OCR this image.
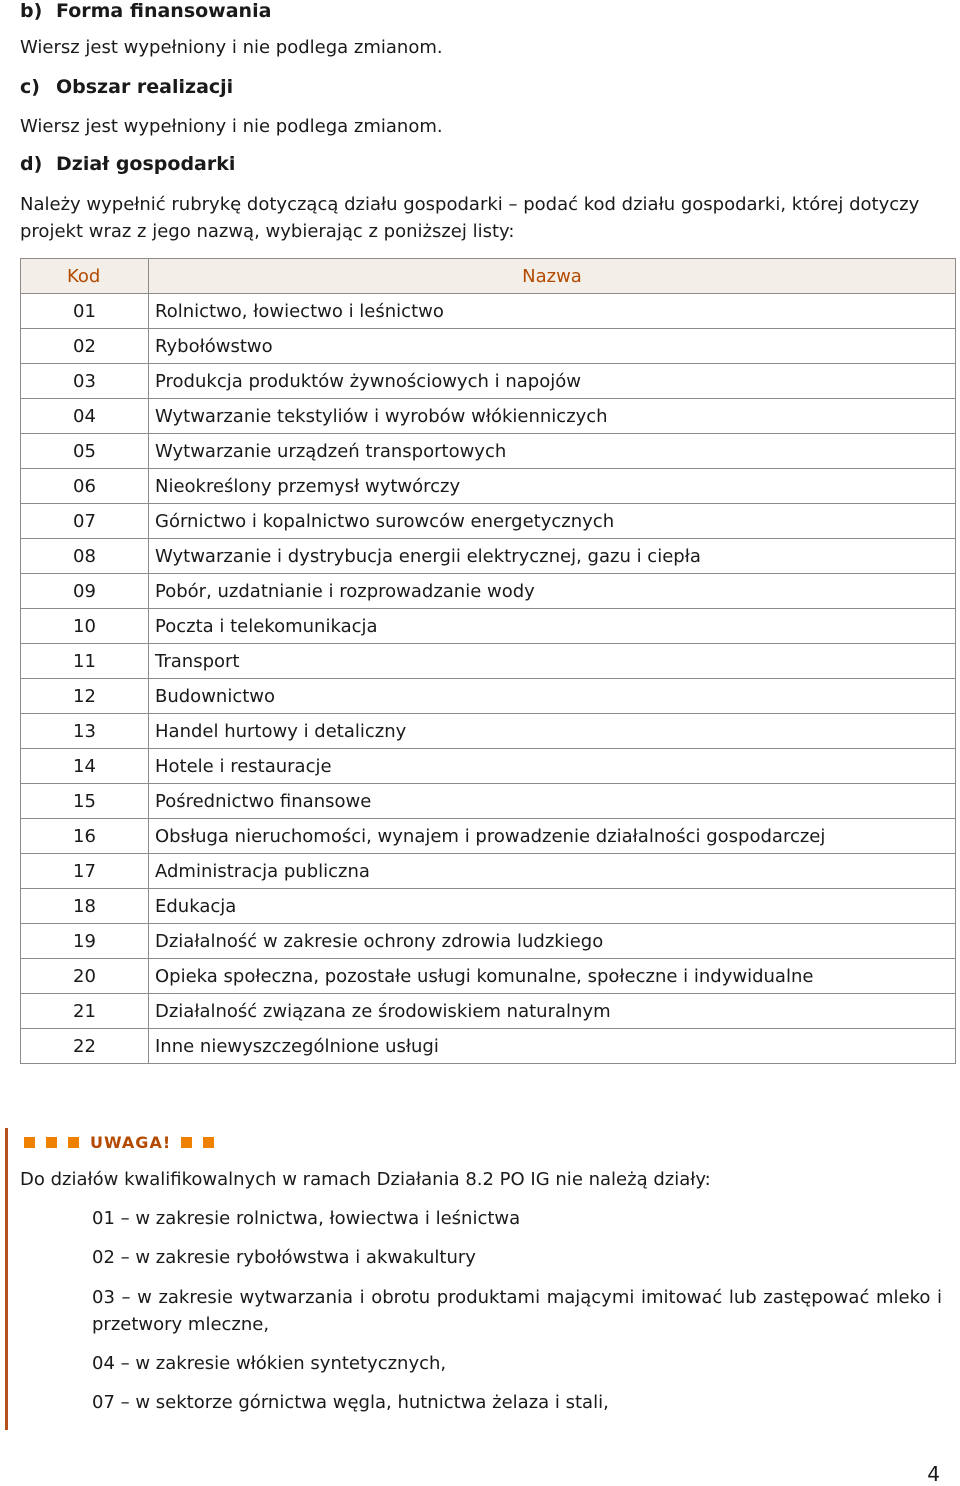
b) Forma finansowania
Wiersz jest wypełniony i nie podlega zmianom.
c) Obszar realizacji
Wiersz jest wypełniony i nie podlega zmianom.
d) Dział gospodarki
Należy wypełnić rubrykę dotyczącą działu gospodarki – podać kod działu gospodarki, której dotyczy
projekt wraz z jego nazwą, wybierając z poniższej listy:
Kod	Nazwa
01	Rolnictwo, łowiectwo i leśnictwo
02	Rybołówstwo
03	Produkcja produktów żywnościowych i napojów
04	Wytwarzanie tekstyliów i wyrobów włókienniczych
05	Wytwarzanie urządzeń transportowych
06	Nieokreślony przemysł wytwórczy
07	Górnictwo i kopalnictwo surowców energetycznych
08	Wytwarzanie i dystrybucja energii elektrycznej, gazu i ciepła
09	Pobór, uzdatnianie i rozprowadzanie wody
10	Poczta i telekomunikacja
11	Transport
12	Budownictwo
13	Handel hurtowy i detaliczny
14	Hotele i restauracje
15	Pośrednictwo finansowe
16	Obsługa nieruchomości, wynajem i prowadzenie działalności gospodarczej
17	Administracja publiczna
18	Edukacja
19	Działalność w zakresie ochrony zdrowia ludzkiego
20	Opieka społeczna, pozostałe usługi komunalne, społeczne i indywidualne
21	Działalność związana ze środowiskiem naturalnym
22	Inne niewyszczególnione usługi
UWAGA!
Do działów kwalifikowalnych w ramach Działania 8.2 PO IG nie należą działy:
01 – w zakresie rolnictwa, łowiectwa i leśnictwa
02 – w zakresie rybołówstwa i akwakultury
03 – w zakresie wytwarzania i obrotu produktami mającymi imitować lub zastępować mleko i przetwory mleczne,
04 – w zakresie włókien syntetycznych,
07 – w sektorze górnictwa węgla, hutnictwa żelaza i stali,
4
